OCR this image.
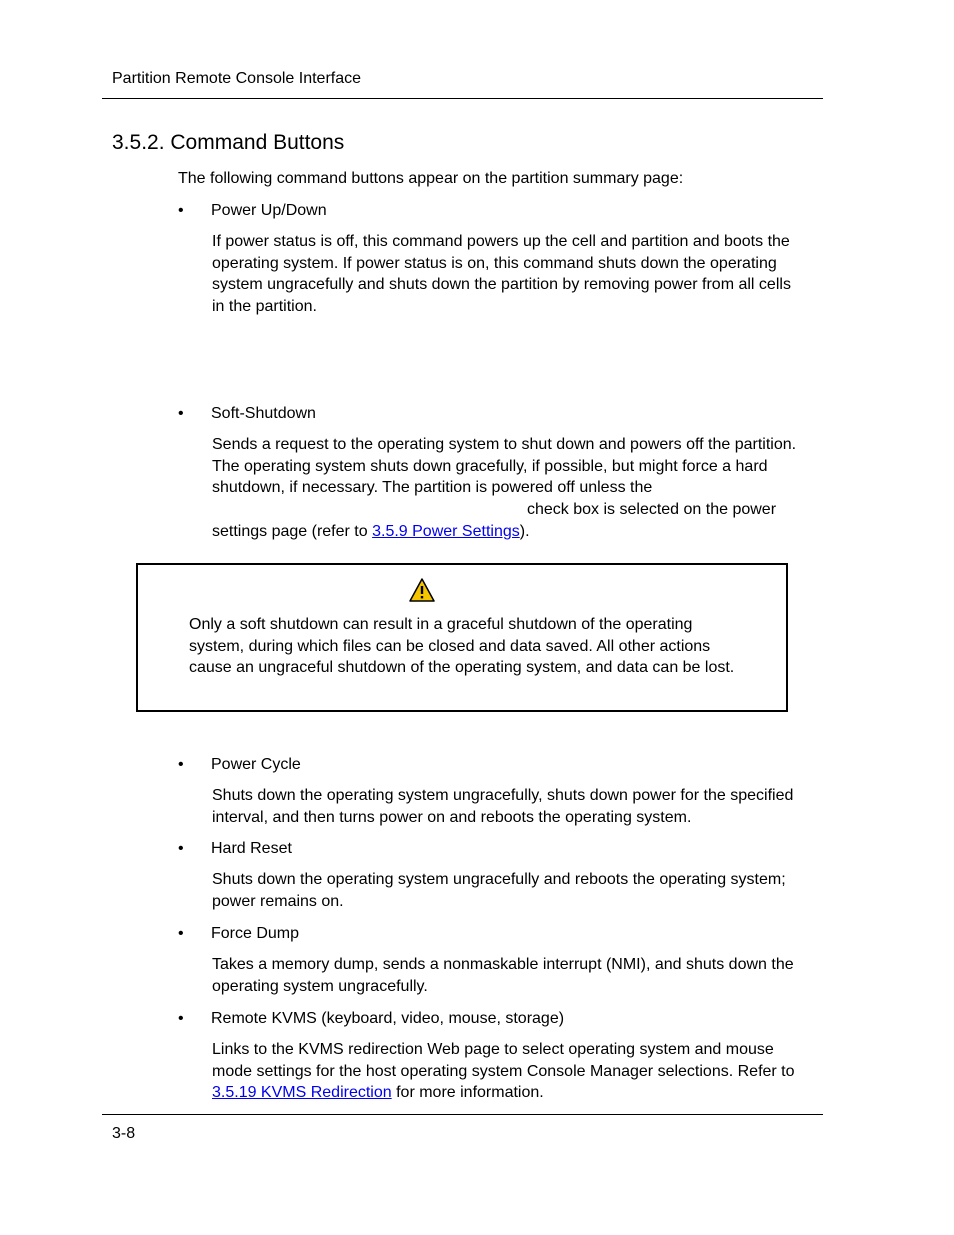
Partition Remote Console Interface
3.5.2. Command Buttons
The following command buttons appear on the partition summary page:
• Power Up/Down
If power status is off, this command powers up the cell and partition and boots the
operating system. If power status is on, this command shuts down the operating
system ungracefully and shuts down the partition by removing power from all cells
in the partition.
• Soft-Shutdown
Sends a request to the operating system to shut down and powers off the partition.
The operating system shuts down gracefully, if possible, but might force a hard
shutdown, if necessary. The partition is powered off unless the
check box is selected on the power
settings page (refer to 3.5.9 Power Settings).
Only a soft shutdown can result in a graceful shutdown of the operating
system, during which files can be closed and data saved. All other actions
cause an ungraceful shutdown of the operating system, and data can be lost.
• Power Cycle
Shuts down the operating system ungracefully, shuts down power for the specified
interval, and then turns power on and reboots the operating system.
• Hard Reset
Shuts down the operating system ungracefully and reboots the operating system;
power remains on.
• Force Dump
Takes a memory dump, sends a nonmaskable interrupt (NMI), and shuts down the
operating system ungracefully.
• Remote KVMS (keyboard, video, mouse, storage)
Links to the KVMS redirection Web page to select operating system and mouse
mode settings for the host operating system Console Manager selections. Refer to
3.5.19 KVMS Redirection for more information.
3-8
